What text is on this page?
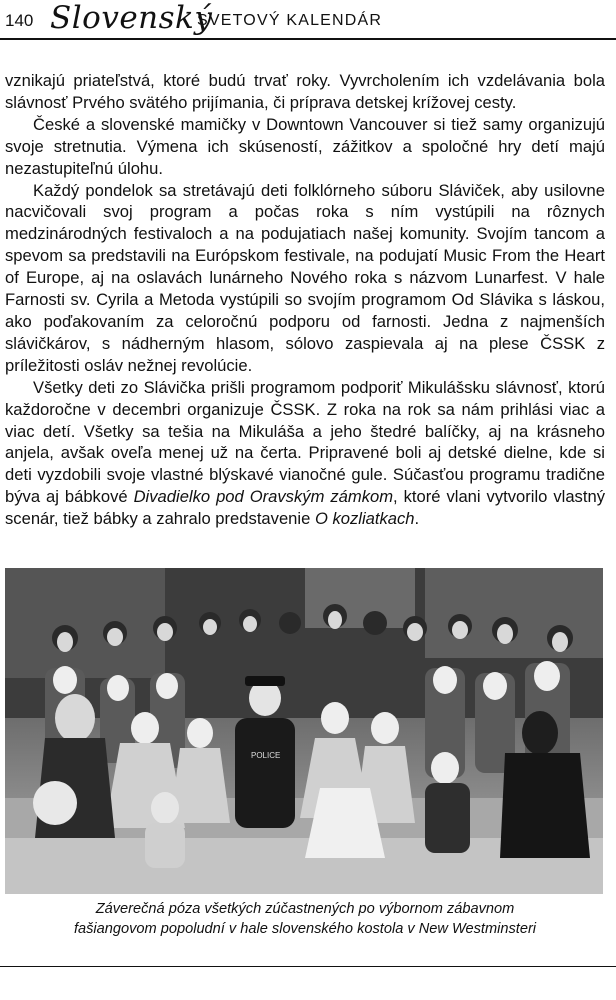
140 Slovenský
SVETOVÝ KALENDÁR

vznikajú priateľstvá, ktoré budú trvať roky. Vyvrcholením ich vzdelávania bola slávnosť Prvého svätého prijímania, či príprava detskej krížovej cesty.

České a slovenské mamičky v Downtown Vancouver si tiež samy organizujú svoje stretnutia. Výmena ich skúseností, zážitkov a spoločné hry detí majú nezastupiteľnú úlohu.

Každý pondelok sa stretávajú deti folklórneho súboru Sláviček, aby usilovne nacvičovali svoj program a počas roka s ním vystúpili na rôznych medzinárodných festivaloch a na podujatiach našej komunity. Svojím tancom a spevom sa predstavili na Európskom festivale, na podujatí Music From the Heart of Europe, aj na oslavách lunárneho Nového roka s názvom Lunarfest. V hale Farnosti sv. Cyrila a Metoda vystúpili so svojím programom Od Slávika s láskou, ako poďakovaním za celoročnú podporu od farnosti. Jedna z najmenších slávičkárov, s nádherným hlasom, sólovo zaspievala aj na plese ČSSK z príležitosti osláv nežnej revolúcie.

Všetky deti zo Slávička prišli programom podporiť Mikulášsku slávnosť, ktorú každoročne v decembri organizuje ČSSK. Z roka na rok sa nám prihlási viac a viac detí. Všetky sa tešia na Mikuláša a jeho štedré balíčky, aj na krásneho anjela, avšak oveľa menej už na čerta. Pripravené boli aj detské dielne, kde si deti vyzdobili svoje vlastné blýskavé vianočné gule. Súčasťou programu tradične býva aj bábkové Divadielko pod Oravským zámkom, ktoré vlani vytvorilo vlastný scenár, tiež bábky a zahralo predstavenie O kozliatkach.

POLICE
Záverečná póza všetkých zúčastnených po výbornom zábavnom
fašiangovom popoludní v hale slovenského kostola v New Westminsteri
